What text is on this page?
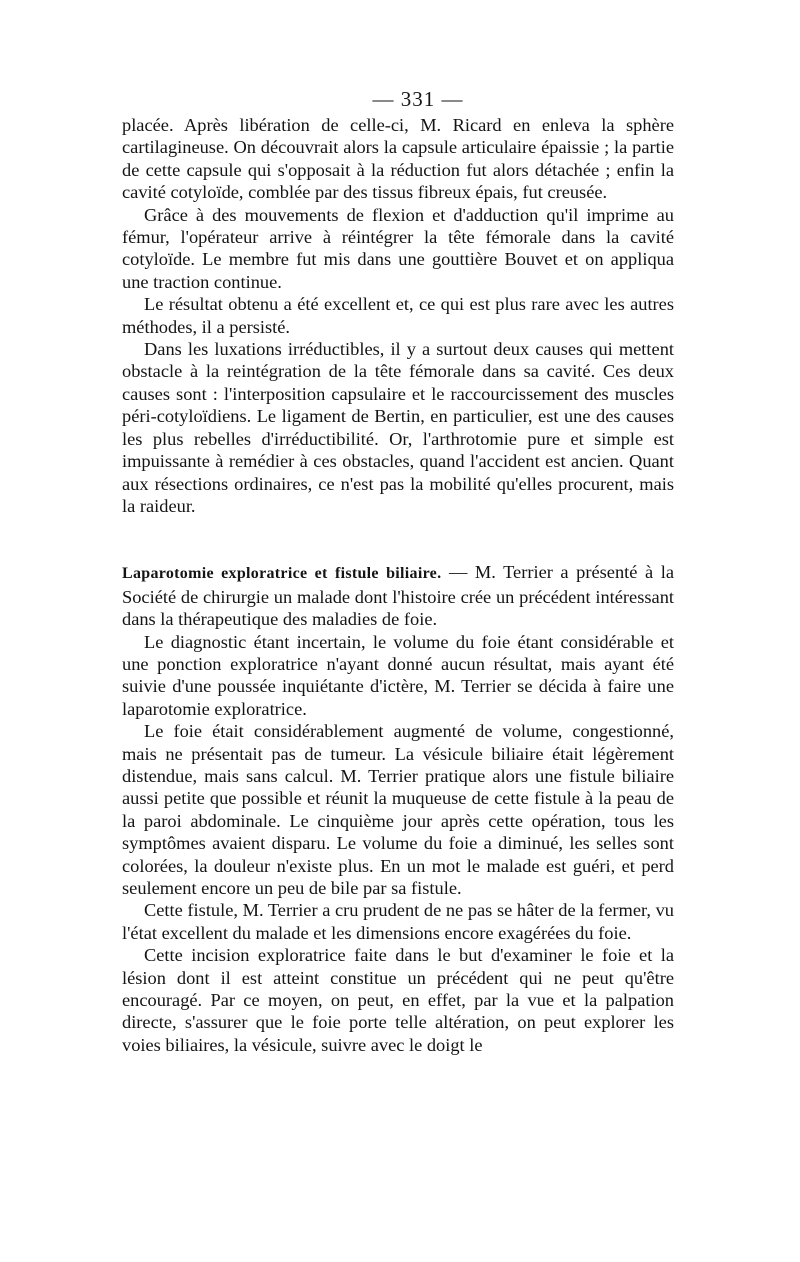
— 331 —

placée. Après libération de celle-ci, M. Ricard en enleva la sphère cartilagineuse. On découvrait alors la capsule articulaire épaissie ; la partie de cette capsule qui s'opposait à la réduction fut alors détachée ; enfin la cavité cotyloïde, comblée par des tissus fibreux épais, fut creusée.

Grâce à des mouvements de flexion et d'adduction qu'il imprime au fémur, l'opérateur arrive à réintégrer la tête fémorale dans la cavité cotyloïde. Le membre fut mis dans une gouttière Bouvet et on appliqua une traction continue.

Le résultat obtenu a été excellent et, ce qui est plus rare avec les autres méthodes, il a persisté.

Dans les luxations irréductibles, il y a surtout deux causes qui mettent obstacle à la reintégration de la tête fémorale dans sa cavité. Ces deux causes sont : l'interposition capsulaire et le raccourcissement des muscles péri-cotyloïdiens. Le ligament de Bertin, en particulier, est une des causes les plus rebelles d'irréductibilité. Or, l'arthrotomie pure et simple est impuissante à remédier à ces obstacles, quand l'accident est ancien. Quant aux résections ordinaires, ce n'est pas la mobilité qu'elles procurent, mais la raideur.

Laparotomie exploratrice et fistule biliaire. — M. Terrier a présenté à la Société de chirurgie un malade dont l'histoire crée un précédent intéressant dans la thérapeutique des maladies de foie.

Le diagnostic étant incertain, le volume du foie étant considérable et une ponction exploratrice n'ayant donné aucun résultat, mais ayant été suivie d'une poussée inquiétante d'ictère, M. Terrier se décida à faire une laparotomie exploratrice.

Le foie était considérablement augmenté de volume, congestionné, mais ne présentait pas de tumeur. La vésicule biliaire était légèrement distendue, mais sans calcul. M. Terrier pratique alors une fistule biliaire aussi petite que possible et réunit la muqueuse de cette fistule à la peau de la paroi abdominale. Le cinquième jour après cette opération, tous les symptômes avaient disparu. Le volume du foie a diminué, les selles sont colorées, la douleur n'existe plus. En un mot le malade est guéri, et perd seulement encore un peu de bile par sa fistule.

Cette fistule, M. Terrier a cru prudent de ne pas se hâter de la fermer, vu l'état excellent du malade et les dimensions encore exagérées du foie.

Cette incision exploratrice faite dans le but d'examiner le foie et la lésion dont il est atteint constitue un précédent qui ne peut qu'être encouragé. Par ce moyen, on peut, en effet, par la vue et la palpation directe, s'assurer que le foie porte telle altération, on peut explorer les voies biliaires, la vésicule, suivre avec le doigt le
